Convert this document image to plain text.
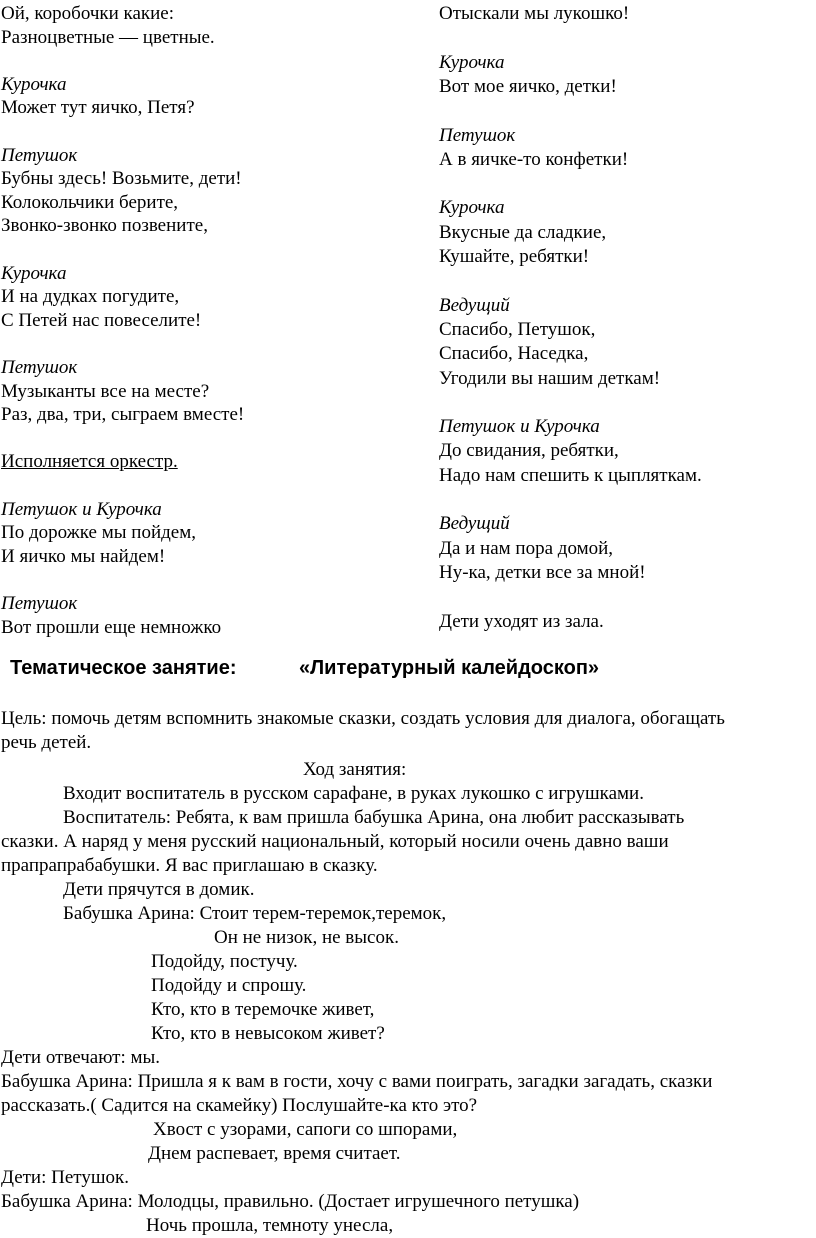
Ой, коробочки какие:
Разноцветные — цветные.
Курочка
Может тут яичко, Петя?
Петушок
Бубны здесь! Возьмите, дети!
Колокольчики берите,
Звонко-звонко позвените,
Курочка
И на дудках погудите,
С Петей нас повеселите!
Петушок
Музыканты все на месте?
Раз, два, три, сыграем вместе!
Исполняется оркестр.
Петушок и Курочка
По дорожке мы пойдем,
И яичко мы найдем!
Петушок
Вот прошли еще немножко
Отыскали мы лукошко!
Курочка
Вот мое яичко, детки!
Петушок
А в яичке-то конфетки!
Курочка
Вкусные да сладкие,
Кушайте, ребятки!
Ведущий
Спасибо, Петушок,
Спасибо, Наседка,
Угодили вы нашим деткам!
Петушок и Курочка
До свидания, ребятки,
Надо нам спешить к цыпляткам.
Ведущий
Да и нам пора домой,
Ну-ка, детки все за мной!
Дети уходят из зала.
Тематическое занятие:	«Литературный калейдоскоп»
Цель: помочь детям вспомнить знакомые сказки, создать условия для диалога, обогащать
речь детей.
Ход занятия:
Входит воспитатель в русском сарафане, в руках лукошко с игрушками.
Воспитатель: Ребята, к вам пришла бабушка Арина, она любит рассказывать
сказки. А наряд у меня русский национальный, который носили очень давно ваши
прапрапрабабушки. Я вас приглашаю в сказку.
Дети прячутся в домик.
Бабушка Арина: Стоит терем-теремок,теремок,
Он не низок, не высок.
Подойду, постучу.
Подойду и спрошу.
Кто, кто в теремочке живет,
Кто, кто в невысоком живет?
Дети отвечают: мы.
Бабушка Арина: Пришла я к вам в гости, хочу с вами поиграть, загадки загадать, сказки
рассказать.( Садится на скамейку) Послушайте-ка кто это?
Хвост с узорами, сапоги со шпорами,
Днем распевает, время считает.
Дети: Петушок.
Бабушка Арина: Молодцы, правильно. (Достает игрушечного петушка)
Ночь прошла, темноту унесла,
